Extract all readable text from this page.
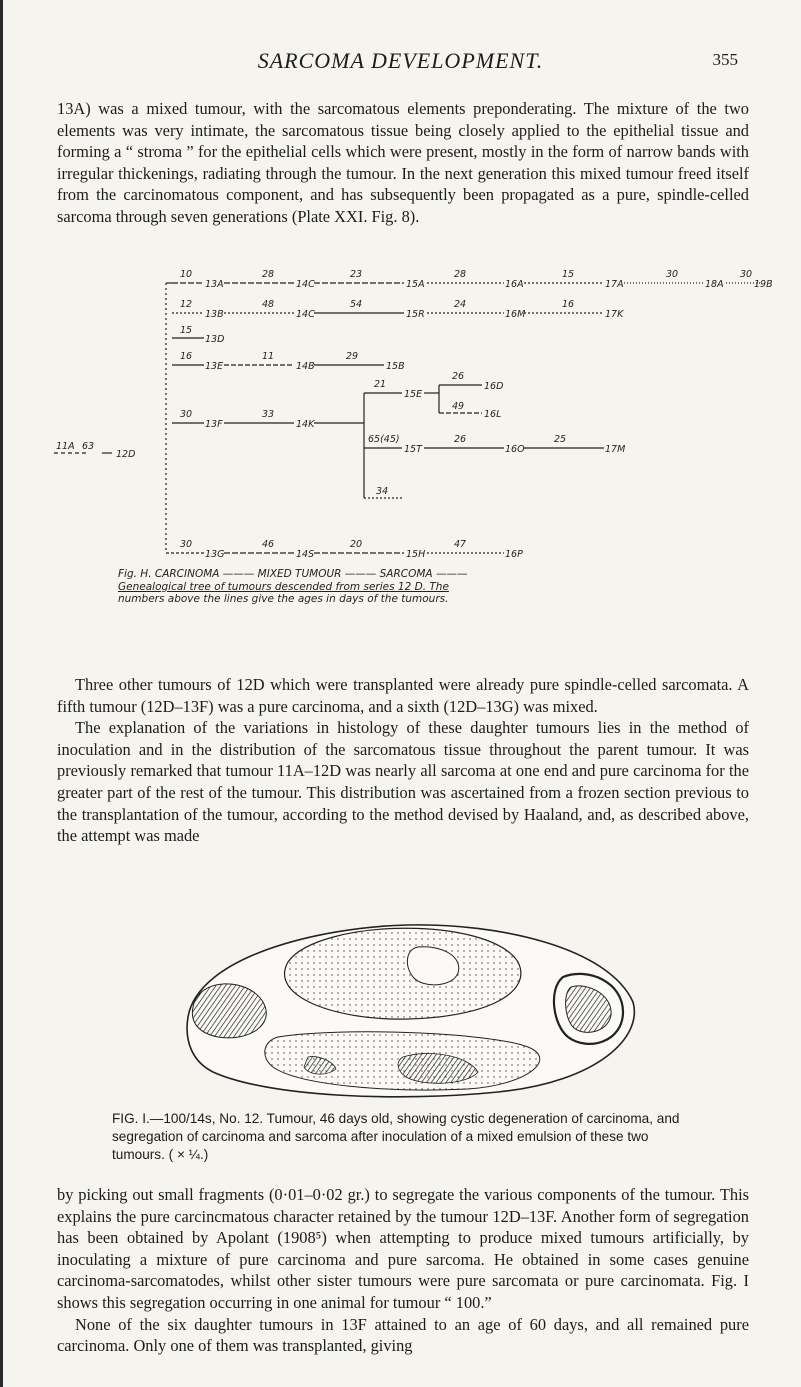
SARCOMA DEVELOPMENT.	355

13A) was a mixed tumour, with the sarcomatous elements preponderating. The mixture of the two elements was very intimate, the sarcomatous tissue being closely applied to the epithelial tissue and forming a “ stroma ” for the epithelial cells which were present, mostly in the form of narrow bands with irregular thickenings, radiating through the tumour. In the next generation this mixed tumour freed itself from the carcinomatous component, and has subsequently been propagated as a pure, spindle-celled sarcoma through seven generations (Plate XXI. Fig. 8).

11A 63
12D
10
13A
28
14C
23
15A
28
16A
15
17A
30
18A
30
19B
12
13B
48
14C
54
15R
24
16M
16
17K
15
13D
16
13E
11
14B
29
15B
30
13F
33
14K
21
15E
26
16D
49
16L
65(45)
15T
26
16O
25
17M
34
30
13G
46
14S
20
15H
47
16P
Fig. H. CARCINOMA ——— MIXED TUMOUR ——— SARCOMA ———
Genealogical tree of tumours descended from series 12 D. The
numbers above the lines give the ages in days of the tumours.

Three other tumours of 12D which were transplanted were already pure spindle-celled sarcomata. A fifth tumour (12D–13F) was a pure carcinoma, and a sixth (12D–13G) was mixed.

The explanation of the variations in histology of these daughter tumours lies in the method of inoculation and in the distribution of the sarcomatous tissue throughout the parent tumour. It was previously remarked that tumour 11A–12D was nearly all sarcoma at one end and pure carcinoma for the greater part of the rest of the tumour. This distribution was ascertained from a frozen section previous to the transplantation of the tumour, according to the method devised by Haaland, and, as described above, the attempt was made

FIG. I.—100/14s, No. 12. Tumour, 46 days old, showing cystic degeneration of carcinoma, and segregation of carcinoma and sarcoma after inoculation of a mixed emulsion of these two tumours. ( × ¼.)

by picking out small fragments (0·01–0·02 gr.) to segregate the various components of the tumour. This explains the pure carcincmatous character retained by the tumour 12D–13F. Another form of segregation has been obtained by Apolant (1908⁵) when attempting to produce mixed tumours artificially, by inoculating a mixture of pure carcinoma and pure sarcoma. He obtained in some cases genuine carcinoma-sarcomatodes, whilst other sister tumours were pure sarcomata or pure carcinomata. Fig. I shows this segregation occurring in one animal for tumour “ 100.”

None of the six daughter tumours in 13F attained to an age of 60 days, and all remained pure carcinoma. Only one of them was transplanted, giving
